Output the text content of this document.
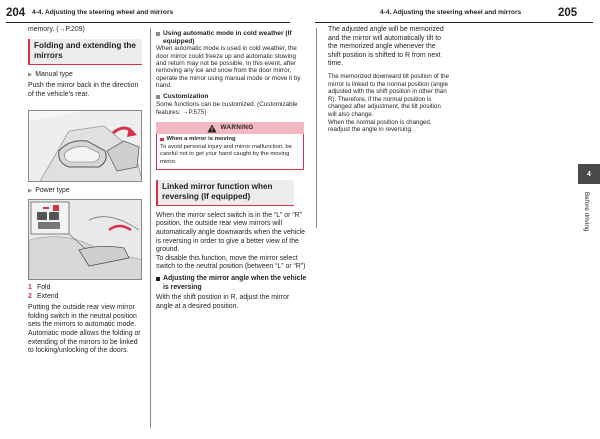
204 4-4. Adjusting the steering wheel and mirrors	4-4. Adjusting the steering wheel and mirrors	205

memory. (→P.209)

Folding and extending the mirrors

▶ Manual type

Push the mirror back in the direction of the vehicle’s rear.

▶ Power type

1 Fold

2 Extend

Putting the outside rear view mirror folding switch in the neutral position sets the mirrors to automatic mode. Automatic mode allows the folding or extending of the mirrors to be linked to locking/unlocking of the doors.

Using automatic mode in cold weather (If equipped)

When automatic mode is used in cold weather, the door mirror could freeze up and automatic stowing and return may not be possible. In this event, after removing any ice and snow from the door mirror, operate the mirror using manual mode or move it by hand.

Customization

Some functions can be customized. (Customizable features: →P.575)

WARNING
When a mirror is moving

To avoid personal injury and mirror malfunction, be careful not to get your hand caught by the moving mirror.

Linked mirror function when reversing (If equipped)

When the mirror select switch is in the “L” or “R” position, the outside rear view mirrors will automatically angle downwards when the vehicle is reversing in order to give a better view of the ground.

To disable this function, move the mirror select switch to the neutral position (between “L” or “R”)

Adjusting the mirror angle when the vehicle is reversing

With the shift position in R, adjust the mirror angle at a desired position.

The adjusted angle will be memorized and the mirror will automatically tilt to the memorized angle whenever the shift position is shifted to R from next time.

The memorized downward tilt position of the mirror is linked to the normal position (angle adjusted with the shift position in other than R). Therefore, if the normal position is changed after adjustment, the tilt position will also change.

When the normal position is changed, readjust the angle in reversing.

4
Before driving
